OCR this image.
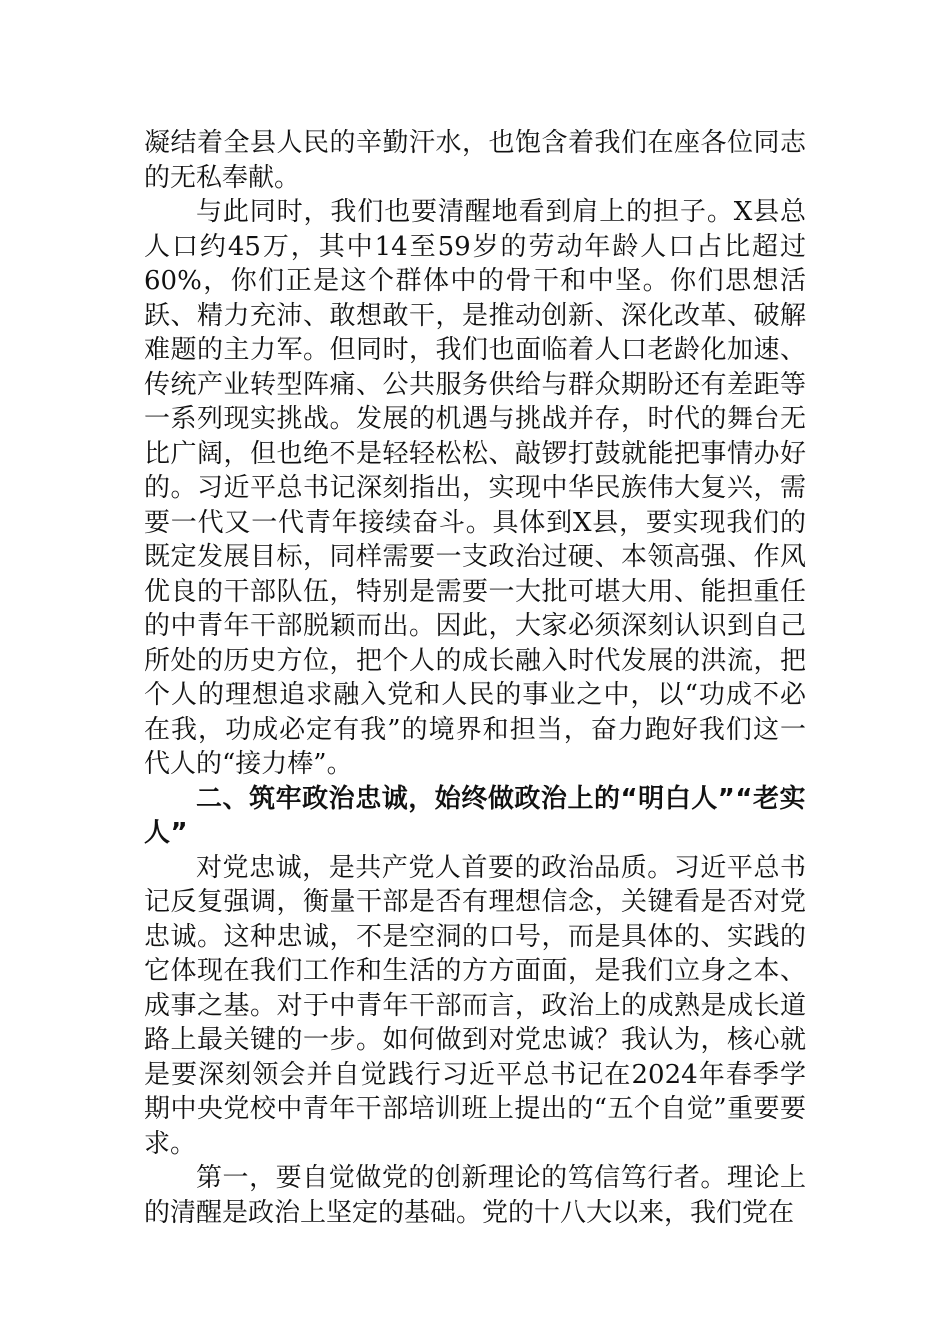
凝结着全县人民的辛勤汗水，也饱含着我们在座各位同志的无私奉献。

与此同时，我们也要清醒地看到肩上的担子。X县总人口约45万，其中14至59岁的劳动年龄人口占比超过60%，你们正是这个群体中的骨干和中坚。你们思想活跃、精力充沛、敢想敢干，是推动创新、深化改革、破解难题的主力军。但同时，我们也面临着人口老龄化加速、传统产业转型阵痛、公共服务供给与群众期盼还有差距等一系列现实挑战。发展的机遇与挑战并存，时代的舞台无比广阔，但也绝不是轻轻松松、敲锣打鼓就能把事情办好的。习近平总书记深刻指出，实现中华民族伟大复兴，需要一代又一代青年接续奋斗。具体到X县，要实现我们的既定发展目标，同样需要一支政治过硬、本领高强、作风优良的干部队伍，特别是需要一大批可堪大用、能担重任的中青年干部脱颖而出。因此，大家必须深刻认识到自己所处的历史方位，把个人的成长融入时代发展的洪流，把个人的理想追求融入党和人民的事业之中，以“功成不必在我，功成必定有我”的境界和担当，奋力跑好我们这一代人的“接力棒”。

二、筑牢政治忠诚，始终做政治上的“明白人”“老实人”

对党忠诚，是共产党人首要的政治品质。习近平总书记反复强调，衡量干部是否有理想信念，关键看是否对党忠诚。这种忠诚，不是空洞的口号，而是具体的、实践的它体现在我们工作和生活的方方面面，是我们立身之本、成事之基。对于中青年干部而言，政治上的成熟是成长道路上最关键的一步。如何做到对党忠诚？我认为，核心就是要深刻领会并自觉践行习近平总书记在2024年春季学期中央党校中青年干部培训班上提出的“五个自觉”重要要求。

第一，要自觉做党的创新理论的笃信笃行者。理论上的清醒是政治上坚定的基础。党的十八大以来，我们党在
